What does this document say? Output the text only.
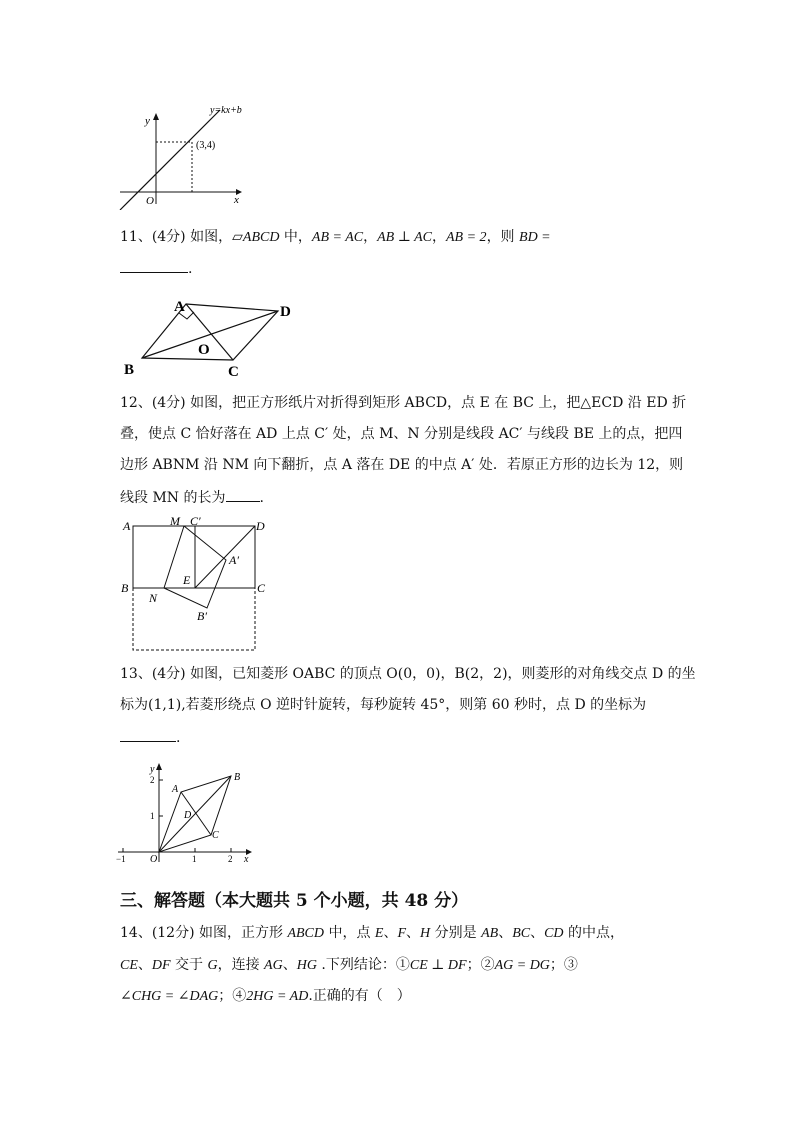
y
x
O
y=kx+b
(3,4)
11、(4分) 如图，▱ABCD 中，AB = AC，AB ⊥ AC，AB = 2，则 BD =
.
A	D
B	C
O
12、(4分) 如图，把正方形纸片对折得到矩形 ABCD，点 E 在 BC 上，把△ECD 沿 ED 折
叠，使点 C 恰好落在 AD 上点 C′ 处，点 M、N 分别是线段 AC′ 与线段 BE 上的点，把四
边形 ABNM 沿 NM 向下翻折，点 A 落在 DE 的中点 A′ 处．若原正方形的边长为 12，则
线段 MN 的长为 .
A	M C′	D
A′
E
B
N
C
B′
13、(4分) 如图，已知菱形 OABC 的顶点 O(0，0)，B(2，2)，则菱形的对角线交点 D 的坐
标为(1,1),若菱形绕点 O 逆时针旋转，每秒旋转 45°，则第 60 秒时，点 D 的坐标为
.
y
x
O
A
B
C
D
2
1
−1	1	2
三、解答题（本大题共 5 个小题，共 48 分）
14、(12分) 如图，正方形 ABCD 中，点 E、F、H 分别是 AB、BC、CD 的中点，
CE、DF 交于 G，连接 AG、HG .下列结论：①CE ⊥ DF；②AG = DG；③
∠CHG = ∠DAG；④2HG = AD.正确的有（　）
